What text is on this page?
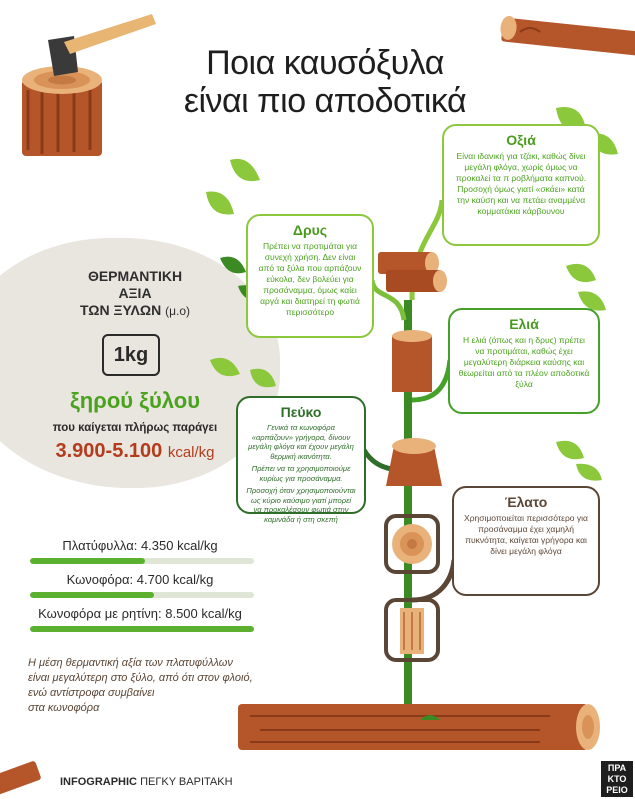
Ποια καυσόξυλα
είναι πιο αποδοτικά
Οξιά
Είναι ιδανική για τζάκι, καθώς δίνει μεγάλη φλόγα, χωρίς όμως να προκαλεί τα π ροβλήματα καπνού. Προσοχή όμως γιατί «σκάει» κατά την καύση και να πετάει αναμμένα κομματάκια κάρβουνου
Δρυς
Πρέπει να προτιμάται για συνεχή χρήση. Δεν είναι από τα ξύλα που αρπάζουν εύκολα, δεν βολεύει για προσάναμμα, όμως καίει αργά και διατηρεί τη φωτιά περισσότερο
Ελιά
Η ελιά (όπως και η δρυς) πρέπει να προτιμάται, καθώς έχει μεγαλύτερη διάρκεια καύσης και θεωρείται από τα πλέον αποδοτικά ξύλα
Πεύκο
Γενικά τα κωνοφόρα «αρπάζουν» γρήγορα, δίνουν μεγάλη φλόγα και έχουν μεγάλη θερμική ικανότητα.
Πρέπει να τα χρησιμοποιούμε κυρίως για προσάναμμα.
Προσοχή όταν χρησιμοποιούνται ως κύριο καύσιμο γιατί μπορεί να προκαλέσουν φωτιά στην καμινάδα ή στη σκεπή
Έλατο
Χρησιμοποιείται περισσότερο για προσάναμμα έχει χαμηλή πυκνότητα, καίγεται γρήγορα και δίνει μεγάλη φλόγα
ΘΕΡΜΑΝΤΙΚΗ
ΑΞΙΑ
ΤΩΝ ΞΥΛΩΝ (μ.ο)
1kg
ξηρού ξύλου
που καίγεται πλήρως παράγει
3.900-5.100 kcal/kg
Πλατύφυλλα: 4.350 kcal/kg
Κωνοφόρα: 4.700 kcal/kg
Κωνοφόρα με ρητίνη: 8.500 kcal/kg
Η μέση θερμαντική αξία των πλατυφύλλων
είναι μεγαλύτερη στο ξύλο, από ότι στον φλοιό,
ενώ αντίστροφα συμβαίνει
στα κωνοφόρα
INFOGRAPHIC ΠΕΓΚΥ ΒΑΡΙΤΑΚΗ
ΠΡΑ
ΚΤΟ
ΡΕΙΟ
